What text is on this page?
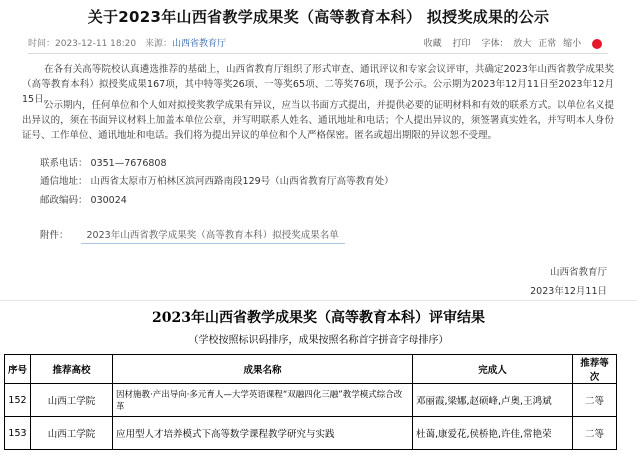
关于2023年山西省教学成果奖（高等教育本科） 拟授奖成果的公示
时间：2023-12-11 18:20 来源：山西省教育厅	收藏 打印 字体： 放大 正常 缩小
在各有关高等院校认真遴选推荐的基础上，山西省教育厅组织了形式审查、通讯评议和专家会议评审，共确定2023年山西省教学成果奖（高等教育本科）拟授奖成果167项，其中特等奖26项、一等奖65项、二等奖76项，现予公示。公示期为2023年12月11日至2023年12月15日。
公示期内，任何单位和个人如对拟授奖教学成果有异议，应当以书面方式提出，并提供必要的证明材料和有效的联系方式。以单位名义提出异议的，须在书面异议材料上加盖本单位公章，并写明联系人姓名、通讯地址和电话；个人提出异议的，须签署真实姓名，并写明本人身份证号、工作单位、通讯地址和电话。我们将为提出异议的单位和个人严格保密。匿名或超出期限的异议恕不受理。
联系电话： 0351—7676808
通信地址： 山西省太原市万柏林区滨河西路南段129号（山西省教育厅高等教育处）
邮政编码： 030024
附件： 2023年山西省教学成果奖（高等教育本科）拟授奖成果名单
山西省教育厅
2023年12月11日
2023年山西省教学成果奖（高等教育本科）评审结果
（学校按照标识码排序，成果按照名称首字拼音字母排序）
序号	推荐高校	成果名称	完成人	推荐等次
152	山西工学院	因材施教·产出导向·多元育人—大学英语课程“双融四化三融”教学模式综合改革	邓丽霞,梁娜,赵硕峰,卢奥,王鸿斌	二等
153	山西工学院	应用型人才培养模式下高等数学课程教学研究与实践	杜蔼,康爱花,侯桥艳,许佳,常艳荣	二等
